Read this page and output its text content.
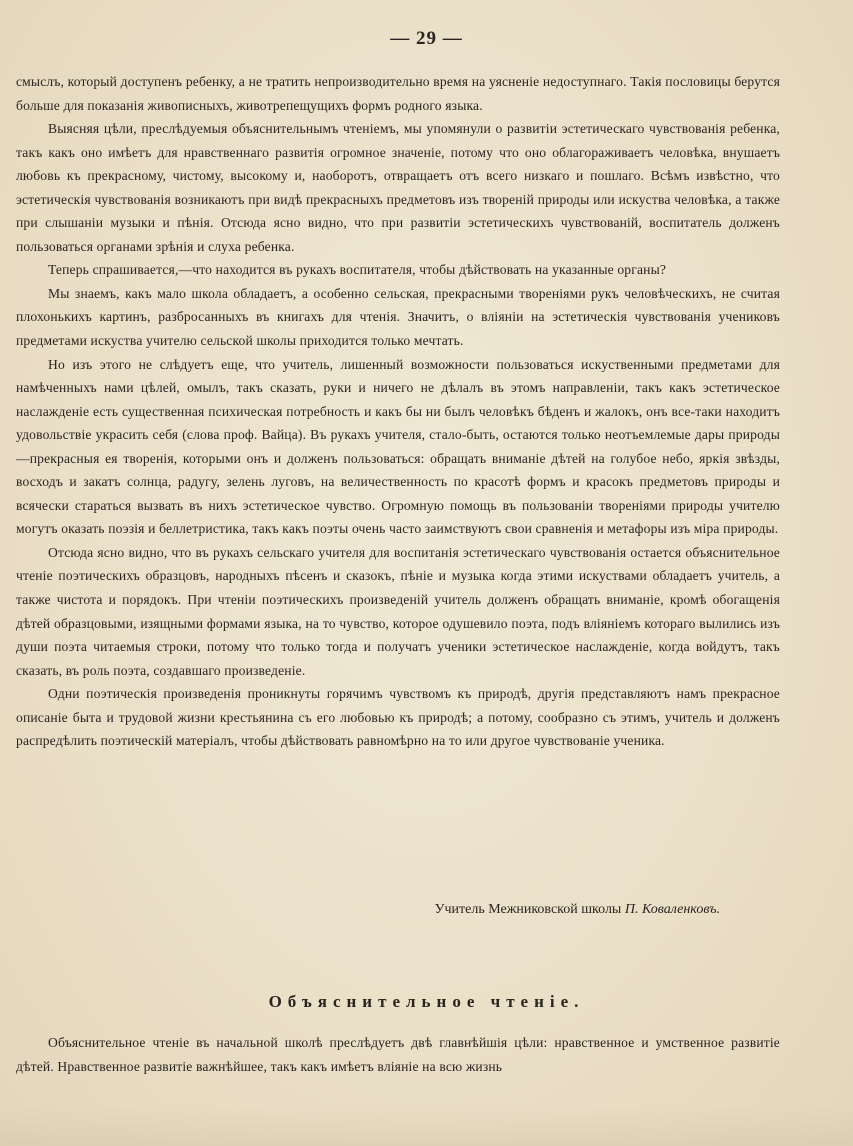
— 29 —

смыслъ, который доступенъ ребенку, а не тратить непроизводительно время на уясненіе недоступнаго. Такія пословицы берутся больше для показанія живописныхъ, животрепещущихъ формъ родного языка.

Выясняя цѣли, преслѣдуемыя объяснительнымъ чтеніемъ, мы упомянули о развитіи эстетическаго чувствованія ребенка, такъ какъ оно имѣетъ для нравственнаго развитія огромное значеніе, потому что оно облагораживаетъ человѣка, внушаетъ любовь къ прекрасному, чистому, высокому и, наоборотъ, отвращаетъ отъ всего низкаго и пошлаго. Всѣмъ извѣстно, что эстетическія чувствованія возникаютъ при видѣ прекрасныхъ предметовъ изъ твореній природы или искуства человѣка, а также при слышаніи музыки и пѣнія. Отсюда ясно видно, что при развитіи эстетическихъ чувствованій, воспитатель долженъ пользоваться органами зрѣнія и слуха ребенка.

Теперь спрашивается,—что находится въ рукахъ воспитателя, чтобы дѣйствовать на указанные органы?

Мы знаемъ, какъ мало школа обладаетъ, а особенно сельская, прекрасными твореніями рукъ человѣческихъ, не считая плохонькихъ картинъ, разбросанныхъ въ книгахъ для чтенія. Значитъ, о вліяніи на эстетическія чувствованія учениковъ предметами искуства учителю сельской школы приходится только мечтать.

Но изъ этого не слѣдуетъ еще, что учитель, лишенный возможности пользоваться искуственными предметами для намѣченныхъ нами цѣлей, омылъ, такъ сказать, руки и ничего не дѣлалъ въ этомъ направленіи, такъ какъ эстетическое наслажденіе есть существенная психическая потребность и какъ бы ни былъ человѣкъ бѣденъ и жалокъ, онъ все-таки находитъ удовольствіе украсить себя (слова проф. Вайца). Въ рукахъ учителя, стало-быть, остаются только неотъемлемые дары природы—прекрасныя ея творенія, которыми онъ и долженъ пользоваться: обращать вниманіе дѣтей на голубое небо, яркія звѣзды, восходъ и закатъ солнца, радугу, зелень луговъ, на величественность по красотѣ формъ и красокъ предметовъ природы и всячески стараться вызвать въ нихъ эстетическое чувство. Огромную помощь въ пользованіи твореніями природы учителю могутъ оказать поэзія и беллетристика, такъ какъ поэты очень часто заимствуютъ свои сравненія и метафоры изъ міра природы.

Отсюда ясно видно, что въ рукахъ сельскаго учителя для воспитанія эстетическаго чувствованія остается объяснительное чтеніе поэтическихъ образцовъ, народныхъ пѣсенъ и сказокъ, пѣніе и музыка когда этими искуствами обладаетъ учитель, а также чистота и порядокъ. При чтеніи поэтическихъ произведеній учитель долженъ обращать вниманіе, кромѣ обогащенія дѣтей образцовыми, изящными формами языка, на то чувство, которое одушевило поэта, подъ вліяніемъ котораго вылились изъ души поэта читаемыя строки, потому что только тогда и получатъ ученики эстетическое наслажденіе, когда войдутъ, такъ сказать, въ роль поэта, создавшаго произведеніе.

Одни поэтическія произведенія проникнуты горячимъ чувствомъ къ природѣ, другія представляютъ намъ прекрасное описаніе быта и трудовой жизни крестьянина съ его любовью къ природѣ; а потому, сообразно съ этимъ, учитель и долженъ распредѣлить поэтическій матеріалъ, чтобы дѣйствовать равномѣрно на то или другое чувствованіе ученика.

Учитель Межниковской школы П. Коваленковъ.
Объяснительное чтеніе.

Объяснительное чтеніе въ начальной школѣ преслѣдуетъ двѣ главнѣйшія цѣли: нравственное и умственное развитіе дѣтей. Нравственное развитіе важнѣйшее, такъ какъ имѣетъ вліяніе на всю жизнь
